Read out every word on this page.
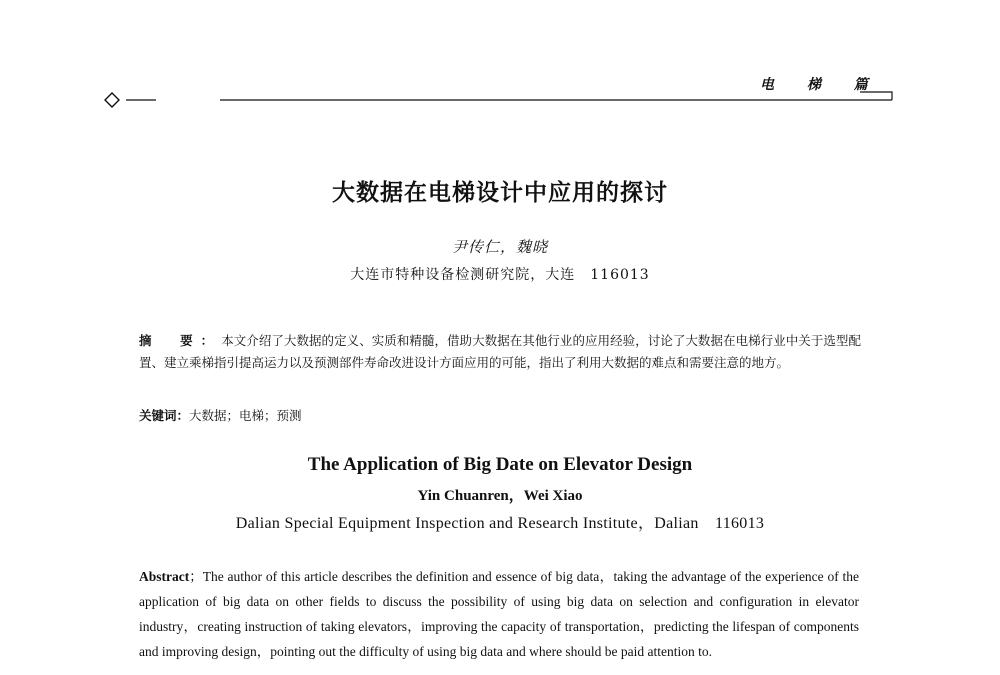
电 梯 篇
大数据在电梯设计中应用的探讨
尹传仁，魏晓
大连市特种设备检测研究院，大连　116013
摘　要：本文介绍了大数据的定义、实质和精髓，借助大数据在其他行业的应用经验，讨论了大数据在电梯行业中关于选型配置、建立乘梯指引提高运力以及预测部件寿命改进设计方面应用的可能，指出了利用大数据的难点和需要注意的地方。
关键词：大数据；电梯；预测
The Application of Big Date on Elevator Design
Yin Chuanren，Wei Xiao
Dalian Special Equipment Inspection and Research Institute，Dalian　116013
Abstract；The author of this article describes the definition and essence of big data，taking the advantage of the experience of the application of big data on other fields to discuss the possibility of using big data on selection and configuration in elevator industry，creating instruction of taking elevators，improving the capacity of transportation，predicting the lifespan of components and improving design，pointing out the difficulty of using big data and where should be paid attention to.
